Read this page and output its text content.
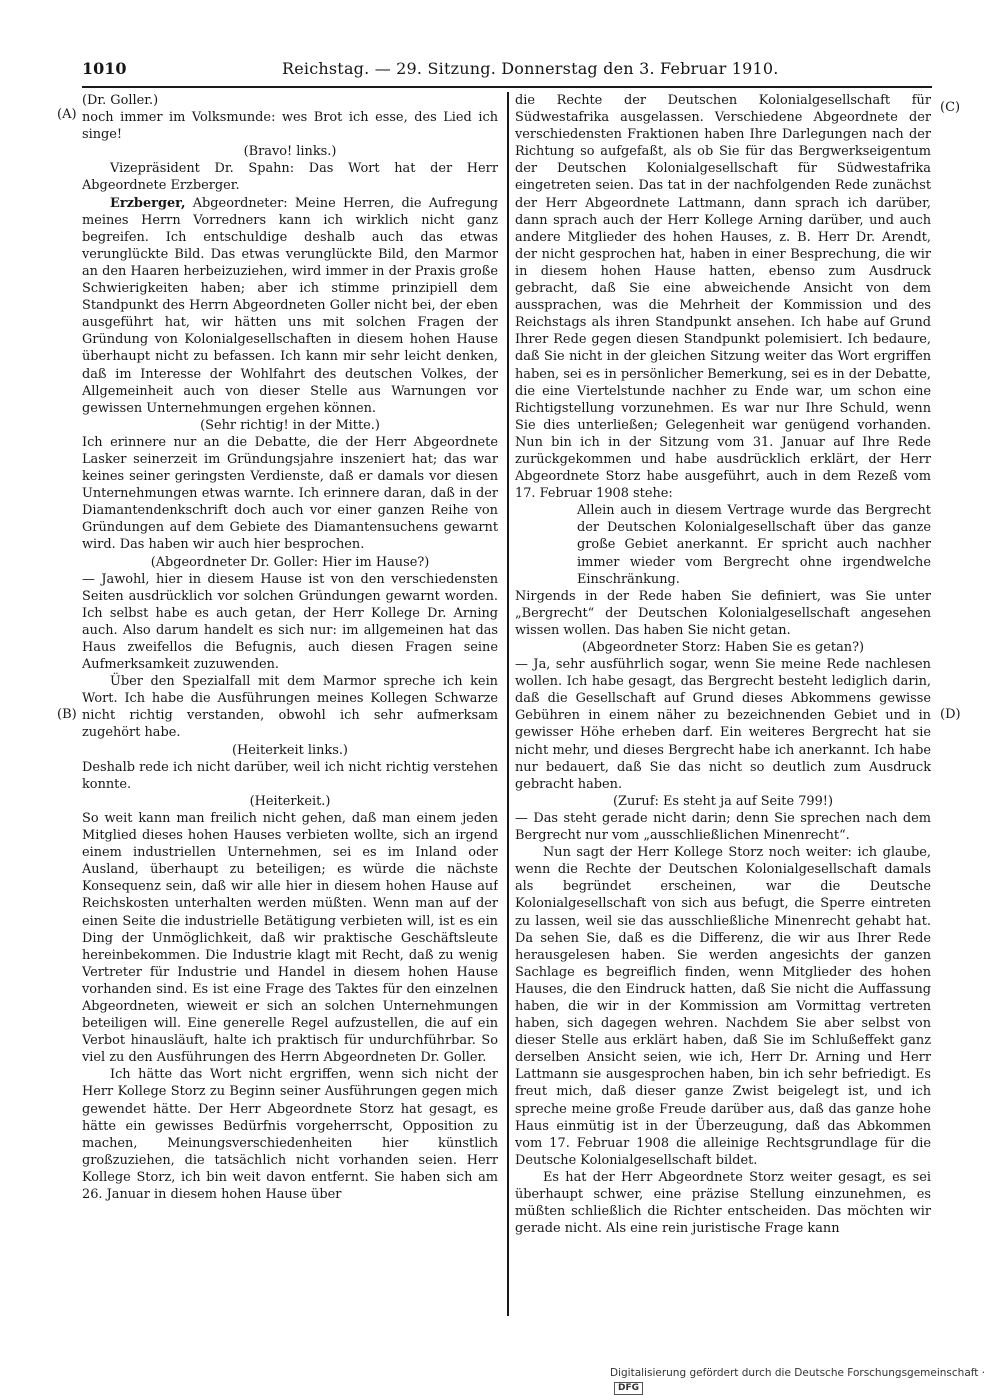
1010	Reichstag. — 29. Sitzung. Donnerstag den 3. Februar 1910.
(A)
(B)
(C)
(D)

(Dr. Goller.)

noch immer im Volksmunde: wes Brot ich esse, des Lied ich singe!

(Bravo! links.)

Vizepräsident Dr. Spahn: Das Wort hat der Herr Abgeordnete Erzberger.

Erzberger, Abgeordneter: Meine Herren, die Aufregung meines Herrn Vorredners kann ich wirklich nicht ganz begreifen. Ich entschuldige deshalb auch das etwas verunglückte Bild. Das etwas verunglückte Bild, den Marmor an den Haaren herbeizuziehen, wird immer in der Praxis große Schwierigkeiten haben; aber ich stimme prinzipiell dem Standpunkt des Herrn Abgeordneten Goller nicht bei, der eben ausgeführt hat, wir hätten uns mit solchen Fragen der Gründung von Kolonialgesellschaften in diesem hohen Hause überhaupt nicht zu befassen. Ich kann mir sehr leicht denken, daß im Interesse der Wohlfahrt des deutschen Volkes, der Allgemeinheit auch von dieser Stelle aus Warnungen vor gewissen Unternehmungen ergehen können.

(Sehr richtig! in der Mitte.)

Ich erinnere nur an die Debatte, die der Herr Abgeordnete Lasker seinerzeit im Gründungsjahre inszeniert hat; das war keines seiner geringsten Verdienste, daß er damals vor diesen Unternehmungen etwas warnte. Ich erinnere daran, daß in der Diamantendenkschrift doch auch vor einer ganzen Reihe von Gründungen auf dem Gebiete des Diamantensuchens gewarnt wird. Das haben wir auch hier besprochen.

(Abgeordneter Dr. Goller: Hier im Hause?)

— Jawohl, hier in diesem Hause ist von den verschiedensten Seiten ausdrücklich vor solchen Gründungen gewarnt worden. Ich selbst habe es auch getan, der Herr Kollege Dr. Arning auch. Also darum handelt es sich nur: im allgemeinen hat das Haus zweifellos die Befugnis, auch diesen Fragen seine Aufmerksamkeit zuzuwenden.

Über den Spezialfall mit dem Marmor spreche ich kein Wort. Ich habe die Ausführungen meines Kollegen Schwarze nicht richtig verstanden, obwohl ich sehr aufmerksam zugehört habe.

(Heiterkeit links.)

Deshalb rede ich nicht darüber, weil ich nicht richtig verstehen konnte.

(Heiterkeit.)

So weit kann man freilich nicht gehen, daß man einem jeden Mitglied dieses hohen Hauses verbieten wollte, sich an irgend einem industriellen Unternehmen, sei es im Inland oder Ausland, überhaupt zu beteiligen; es würde die nächste Konsequenz sein, daß wir alle hier in diesem hohen Hause auf Reichskosten unterhalten werden müßten. Wenn man auf der einen Seite die industrielle Betätigung verbieten will, ist es ein Ding der Unmöglichkeit, daß wir praktische Geschäftsleute hereinbekommen. Die Industrie klagt mit Recht, daß zu wenig Vertreter für Industrie und Handel in diesem hohen Hause vorhanden sind. Es ist eine Frage des Taktes für den einzelnen Abgeordneten, wieweit er sich an solchen Unternehmungen beteiligen will. Eine generelle Regel aufzustellen, die auf ein Verbot hinausläuft, halte ich praktisch für undurchführbar. So viel zu den Ausführungen des Herrn Abgeordneten Dr. Goller.

Ich hätte das Wort nicht ergriffen, wenn sich nicht der Herr Kollege Storz zu Beginn seiner Ausführungen gegen mich gewendet hätte. Der Herr Abgeordnete Storz hat gesagt, es hätte ein gewisses Bedürfnis vorgeherrscht, Opposition zu machen, Meinungsverschiedenheiten hier künstlich großzuziehen, die tatsächlich nicht vorhanden seien. Herr Kollege Storz, ich bin weit davon entfernt. Sie haben sich am 26. Januar in diesem hohen Hause über

die Rechte der Deutschen Kolonialgesellschaft für Südwestafrika ausgelassen. Verschiedene Abgeordnete der verschiedensten Fraktionen haben Ihre Darlegungen nach der Richtung so aufgefaßt, als ob Sie für das Bergwerkseigentum der Deutschen Kolonialgesellschaft für Südwestafrika eingetreten seien. Das tat in der nachfolgenden Rede zunächst der Herr Abgeordnete Lattmann, dann sprach ich darüber, dann sprach auch der Herr Kollege Arning darüber, und auch andere Mitglieder des hohen Hauses, z. B. Herr Dr. Arendt, der nicht gesprochen hat, haben in einer Besprechung, die wir in diesem hohen Hause hatten, ebenso zum Ausdruck gebracht, daß Sie eine abweichende Ansicht von dem aussprachen, was die Mehrheit der Kommission und des Reichstags als ihren Standpunkt ansehen. Ich habe auf Grund Ihrer Rede gegen diesen Standpunkt polemisiert. Ich bedaure, daß Sie nicht in der gleichen Sitzung weiter das Wort ergriffen haben, sei es in persönlicher Bemerkung, sei es in der Debatte, die eine Viertelstunde nachher zu Ende war, um schon eine Richtigstellung vorzunehmen. Es war nur Ihre Schuld, wenn Sie dies unterließen; Gelegenheit war genügend vorhanden. Nun bin ich in der Sitzung vom 31. Januar auf Ihre Rede zurückgekommen und habe ausdrücklich erklärt, der Herr Abgeordnete Storz habe ausgeführt, auch in dem Rezeß vom 17. Februar 1908 stehe:

Allein auch in diesem Vertrage wurde das Bergrecht der Deutschen Kolonialgesellschaft über das ganze große Gebiet anerkannt. Er spricht auch nachher immer wieder vom Bergrecht ohne irgendwelche Einschränkung.

Nirgends in der Rede haben Sie definiert, was Sie unter „Bergrecht“ der Deutschen Kolonialgesellschaft angesehen wissen wollen. Das haben Sie nicht getan.

(Abgeordneter Storz: Haben Sie es getan?)

— Ja, sehr ausführlich sogar, wenn Sie meine Rede nachlesen wollen. Ich habe gesagt, das Bergrecht besteht lediglich darin, daß die Gesellschaft auf Grund dieses Abkommens gewisse Gebühren in einem näher zu bezeichnenden Gebiet und in gewisser Höhe erheben darf. Ein weiteres Bergrecht hat sie nicht mehr, und dieses Bergrecht habe ich anerkannt. Ich habe nur bedauert, daß Sie das nicht so deutlich zum Ausdruck gebracht haben.

(Zuruf: Es steht ja auf Seite 799!)

— Das steht gerade nicht darin; denn Sie sprechen nach dem Bergrecht nur vom „ausschließlichen Minenrecht“.

Nun sagt der Herr Kollege Storz noch weiter: ich glaube, wenn die Rechte der Deutschen Kolonialgesellschaft damals als begründet erscheinen, war die Deutsche Kolonialgesellschaft von sich aus befugt, die Sperre eintreten zu lassen, weil sie das ausschließliche Minenrecht gehabt hat. Da sehen Sie, daß es die Differenz, die wir aus Ihrer Rede herausgelesen haben. Sie werden angesichts der ganzen Sachlage es begreiflich finden, wenn Mitglieder des hohen Hauses, die den Eindruck hatten, daß Sie nicht die Auffassung haben, die wir in der Kommission am Vormittag vertreten haben, sich dagegen wehren. Nachdem Sie aber selbst von dieser Stelle aus erklärt haben, daß Sie im Schlußeffekt ganz derselben Ansicht seien, wie ich, Herr Dr. Arning und Herr Lattmann sie ausgesprochen haben, bin ich sehr befriedigt. Es freut mich, daß dieser ganze Zwist beigelegt ist, und ich spreche meine große Freude darüber aus, daß das ganze hohe Haus einmütig ist in der Überzeugung, daß das Abkommen vom 17. Februar 1908 die alleinige Rechtsgrundlage für die Deutsche Kolonialgesellschaft bildet.

Es hat der Herr Abgeordnete Storz weiter gesagt, es sei überhaupt schwer, eine präzise Stellung einzunehmen, es müßten schließlich die Richter entscheiden. Das möchten wir gerade nicht. Als eine rein juristische Frage kann

Digitalisierung gefördert durch die Deutsche Forschungsgemeinschaft · DFG
